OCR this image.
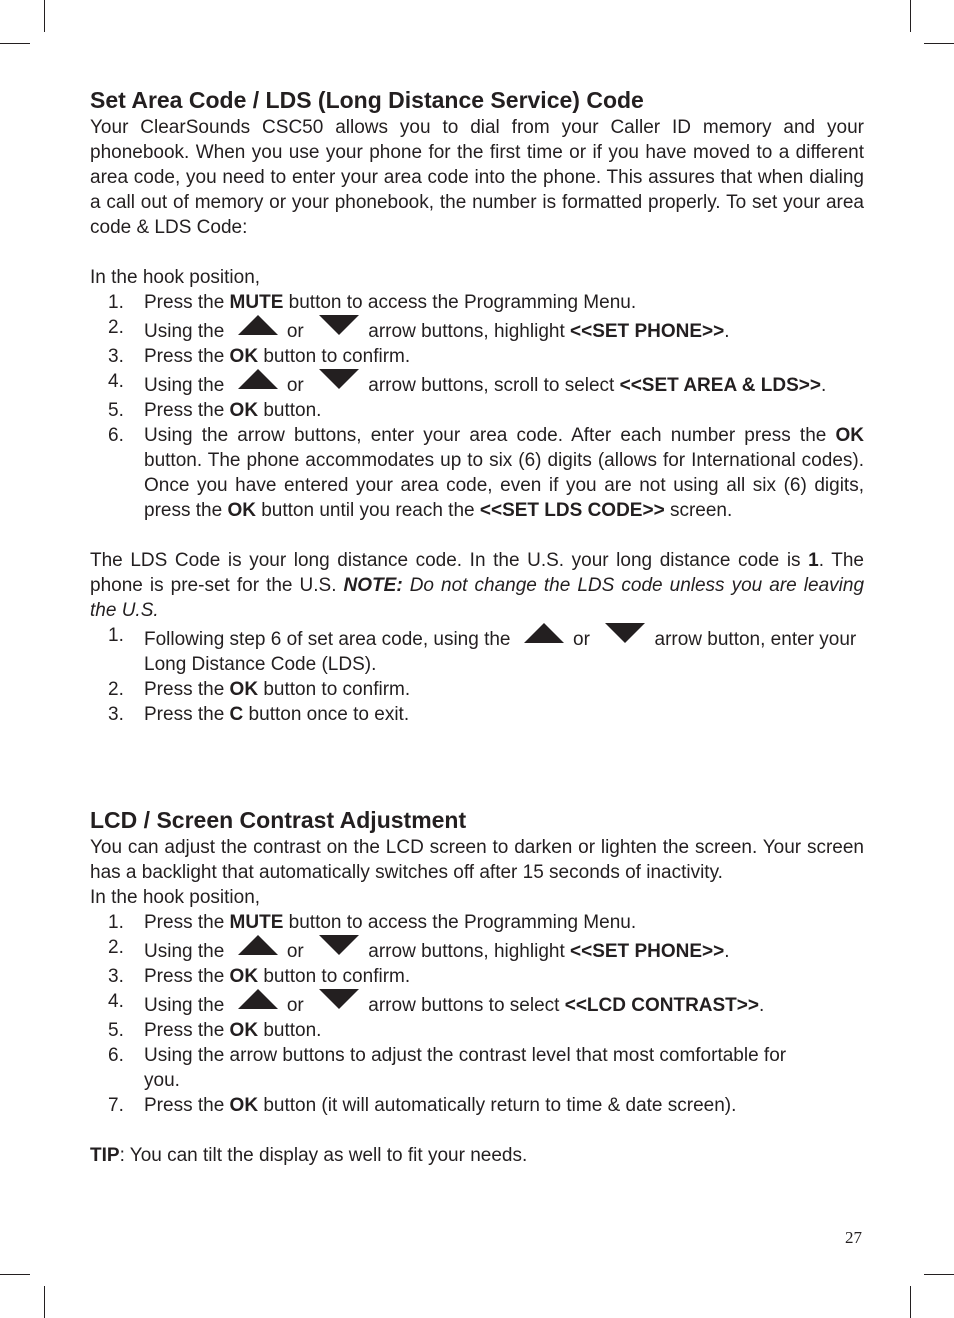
Set Area Code / LDS (Long Distance Service) Code

Your ClearSounds CSC50 allows you to dial from your Caller ID memory and your phonebook. When you use your phone for the first time or if you have moved to a different area code, you need to enter your area code into the phone. This assures that when dialing a call out of memory or your phonebook, the number is formatted properly. To set your area code & LDS Code:

In the hook position,

1. Press the MUTE button to access the Programming Menu.
2. Using the	or	arrow buttons, highlight <<SET PHONE>>.
3. Press the OK button to confirm.
4. Using the	or	arrow buttons, scroll to select <<SET AREA & LDS>>.
5. Press the OK button.
6. Using the arrow buttons, enter your area code. After each number press the OK button. The phone accommodates up to six (6) digits (allows for International codes). Once you have entered your area code, even if you are not using all six (6) digits, press the OK button until you reach the <<SET LDS CODE>> screen.

The LDS Code is your long distance code. In the U.S. your long distance code is 1. The phone is pre-set for the U.S. NOTE: Do not change the LDS code unless you are leaving the U.S.

1. Following step 6 of set area code, using the	or	arrow button, enter your Long Distance Code (LDS).
2. Press the OK button to confirm.
3. Press the C button once to exit.
LCD / Screen Contrast Adjustment

You can adjust the contrast on the LCD screen to darken or lighten the screen. Your screen has a backlight that automatically switches off after 15 seconds of inactivity.

In the hook position,

1. Press the MUTE button to access the Programming Menu.
2. Using the	or	arrow buttons, highlight <<SET PHONE>>.
3. Press the OK button to confirm.
4. Using the	or	arrow buttons to select <<LCD CONTRAST>>.
5. Press the OK button.
6. Using the arrow buttons to adjust the contrast level that most comfortable for you.
7. Press the OK button (it will automatically return to time & date screen).

TIP: You can tilt the display as well to fit your needs.

27
